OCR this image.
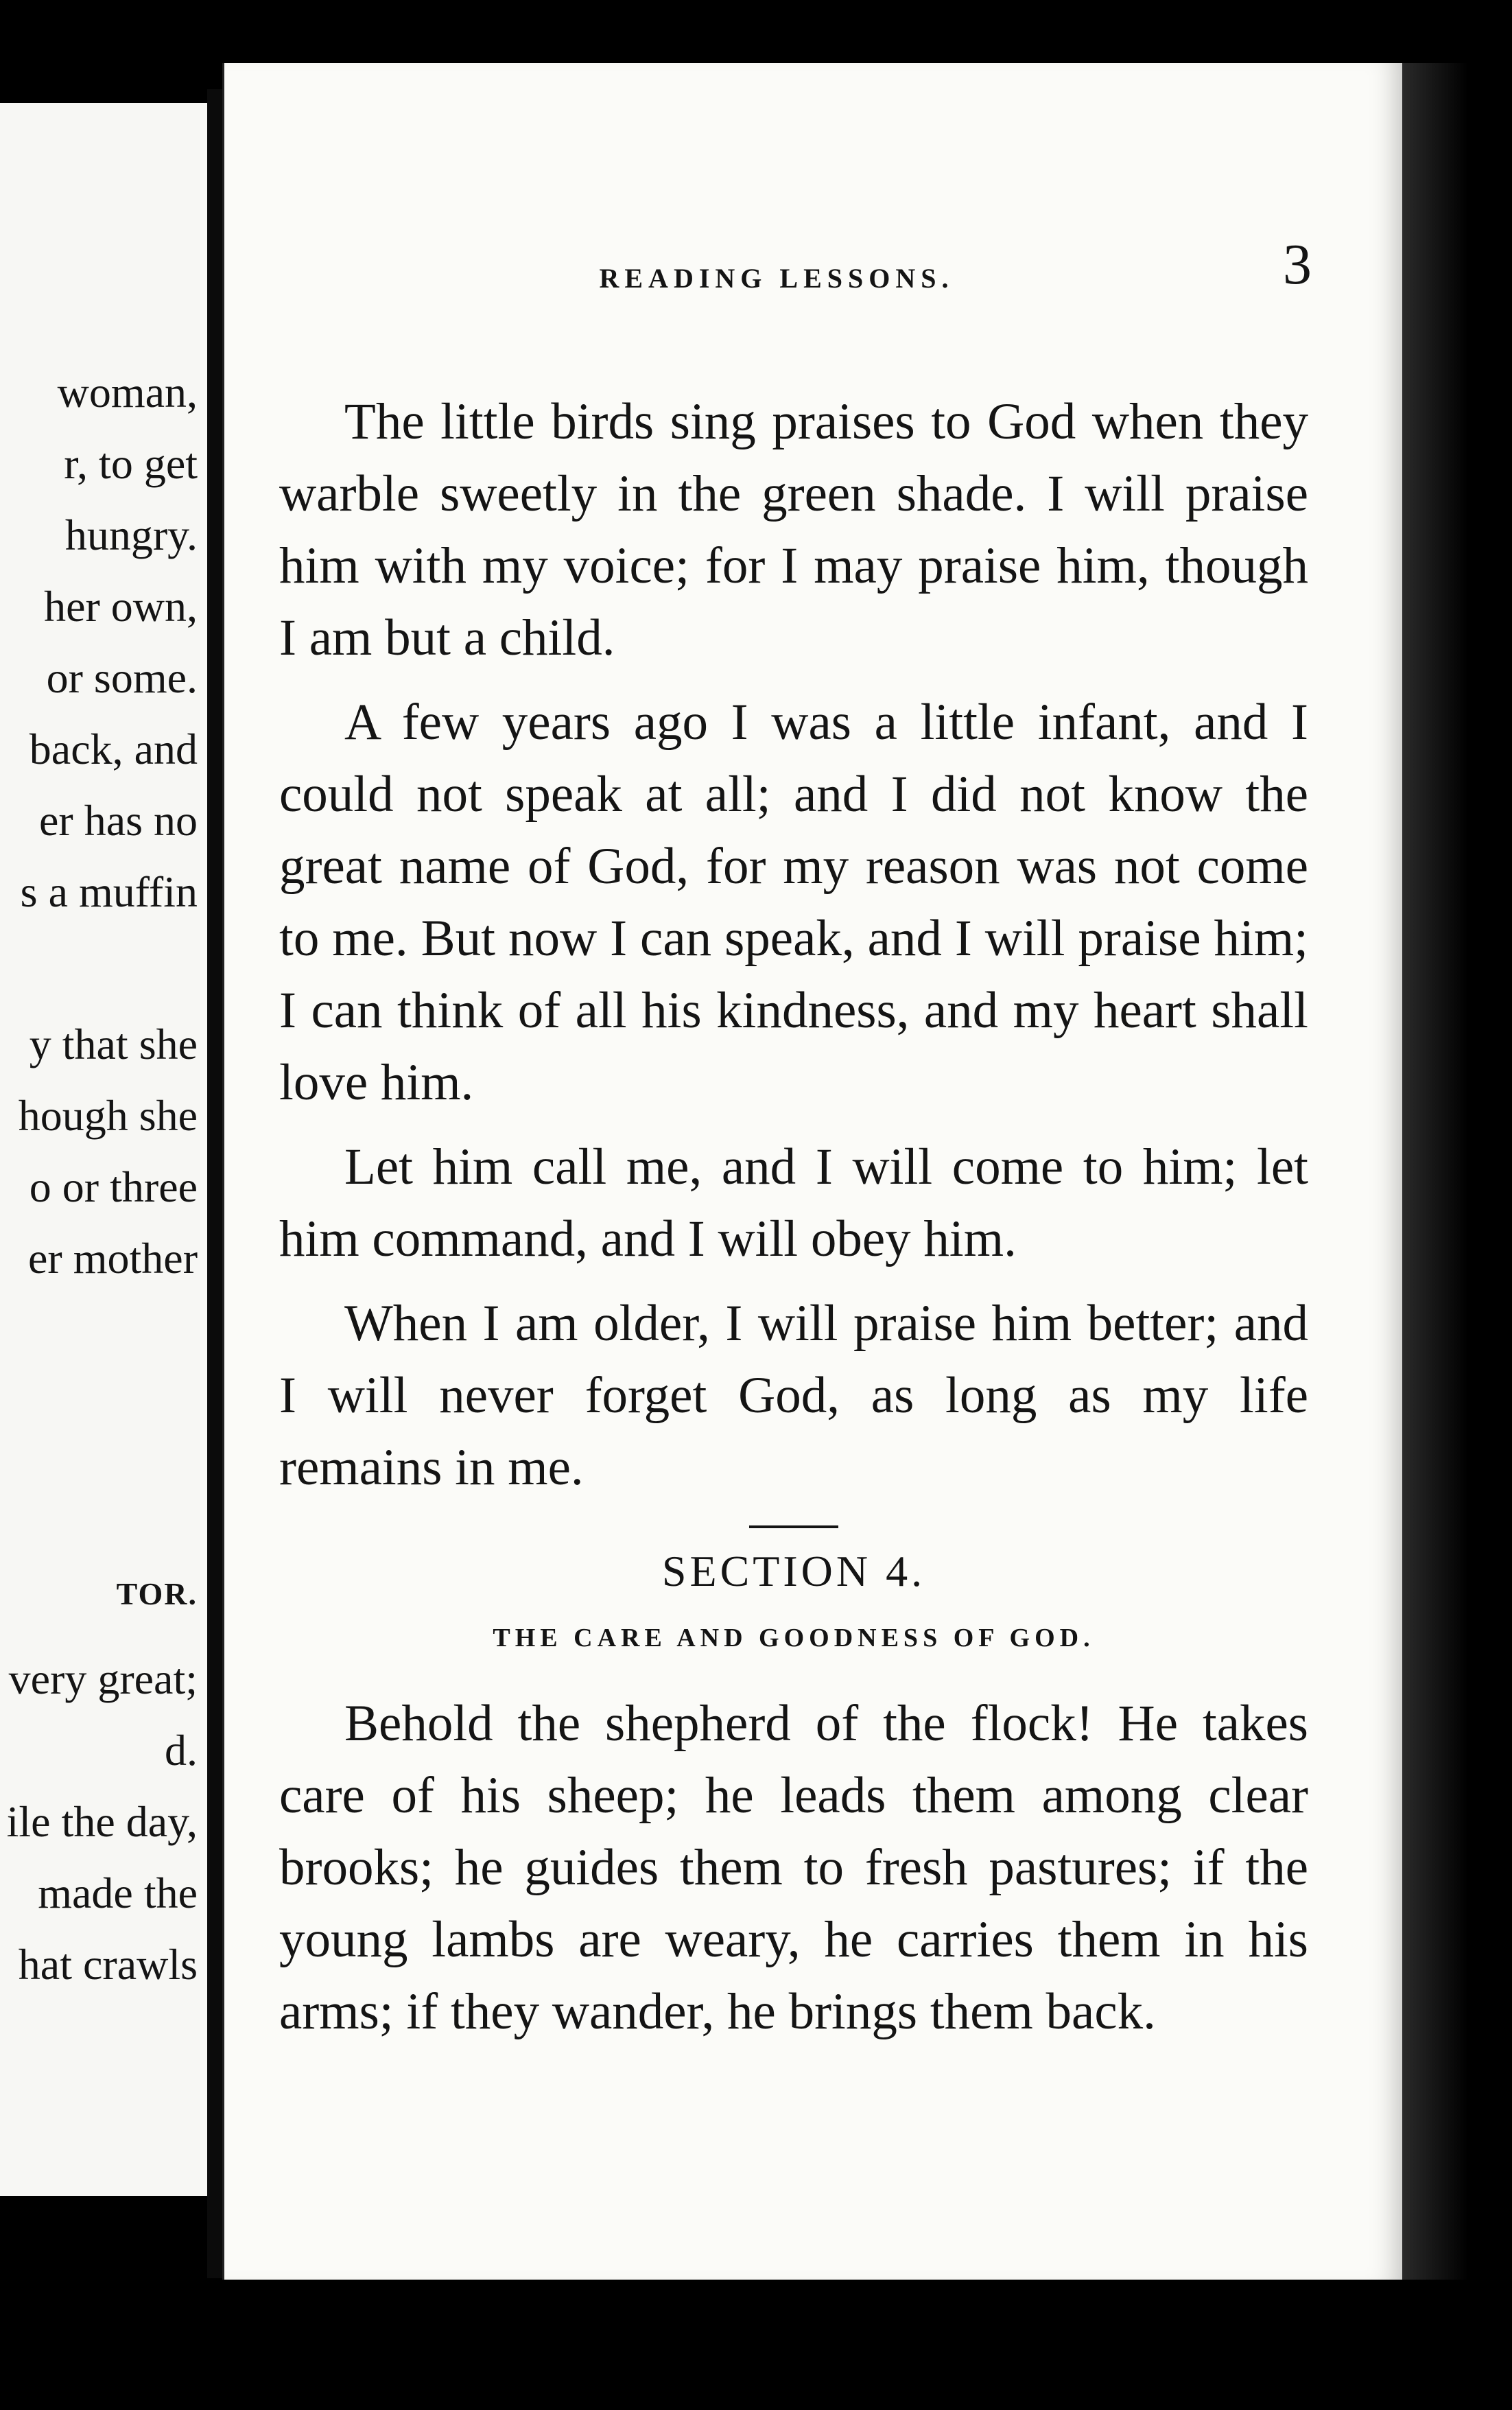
woman,
r, to get
hungry.
her own,
or some.
back, and
er has no
s a muffin
y that she
hough she
o or three
er mother
TOR.
very great;
d.
ile the day,
made the
hat crawls
READING LESSONS.	3

The little birds sing praises to God when they warble sweetly in the green shade. I will praise him with my voice; for I may praise him, though I am but a child.

A few years ago I was a little infant, and I could not speak at all; and I did not know the great name of God, for my reason was not come to me. But now I can speak, and I will praise him; I can think of all his kindness, and my heart shall love him.

Let him call me, and I will come to him; let him command, and I will obey him.

When I am older, I will praise him better; and I will never forget God, as long as my life remains in me.

SECTION 4.
THE CARE AND GOODNESS OF GOD.

Behold the shepherd of the flock! He takes care of his sheep; he leads them among clear brooks; he guides them to fresh pastures; if the young lambs are weary, he carries them in his arms; if they wander, he brings them back.
